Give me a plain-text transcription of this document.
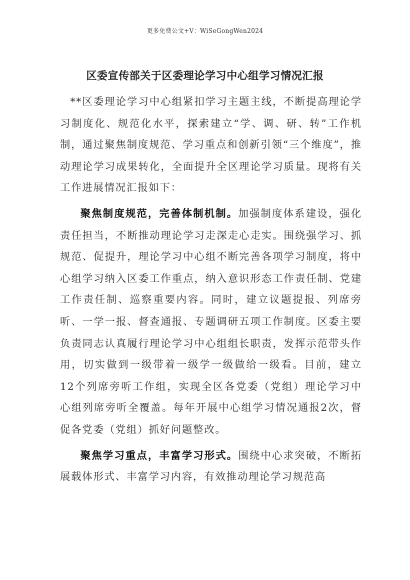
更多免费公文+V：WiSeGongWen2024
区委宣传部关于区委理论学习中心组学习情况汇报

**区委理论学习中心组紧扣学习主题主线，不断提高理论学习制度化、规范化水平，探索建立“学、调、研、转”工作机制，通过聚焦制度规范、学习重点和创新引领“三个维度”，推动理论学习成果转化，全面提升全区理论学习质量。现将有关工作进展情况汇报如下：

聚焦制度规范，完善体制机制。加强制度体系建设，强化责任担当，不断推动理论学习走深走心走实。围绕强学习、抓规范、促提升，理论学习中心组不断完善各项学习制度，将中心组学习纳入区委工作重点，纳入意识形态工作责任制、党建工作责任制、巡察重要内容。同时，建立议题提报、列席旁听、一学一报、督查通报、专题调研五项工作制度。区委主要负责同志认真履行理论学习中心组组长职责，发挥示范带头作用，切实做到一级带着一级学一级做给一级看。目前，建立12个列席旁听工作组，实现全区各党委（党组）理论学习中心组列席旁听全覆盖。每年开展中心组学习情况通报2次，督促各党委（党组）抓好问题整改。

聚焦学习重点，丰富学习形式。围绕中心求突破，不断拓展载体形式、丰富学习内容，有效推动理论学习规范高
